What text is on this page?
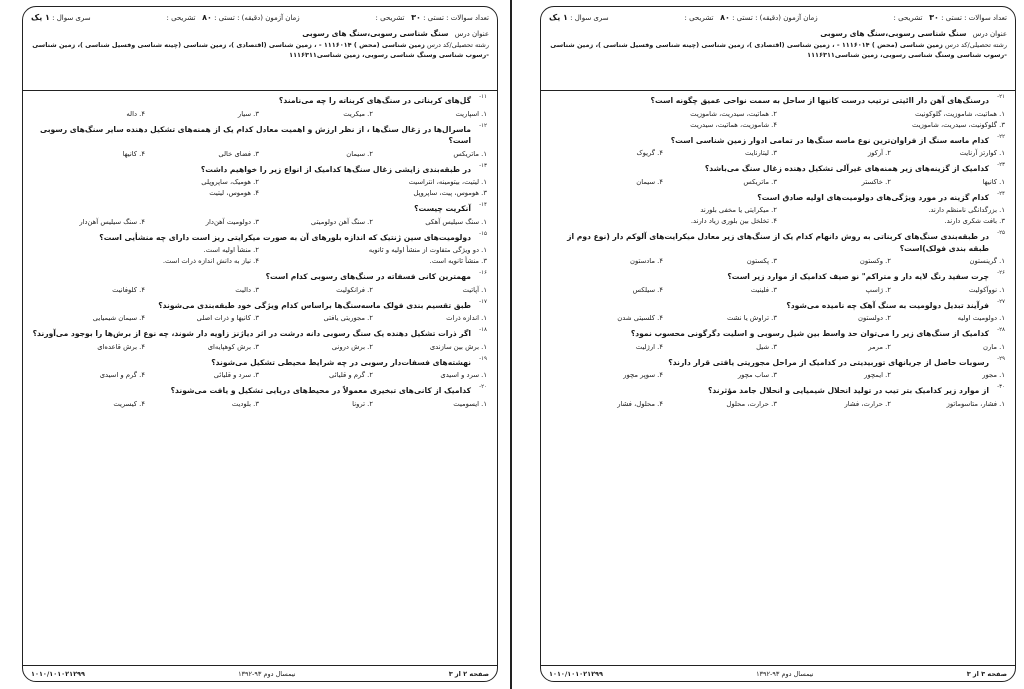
تعداد سوالات : تستی : ۳۰   تشریحی :
زمان آزمون (دقیقه) : تستی : ۸۰   تشریحی :
سری سوال : ۱ یک
عنوان درس سنگ شناسی رسوبی،سنگ های رسوبی
رشته تحصیلی/کد درس زمین شناسی (محض ) ۱۱۱۶۰۱۴ - ، زمین شناسی (اقتصادی )، زمین شناسی (چینه شناسی وفسیل شناسی )، زمین شناسی -رسوب شناسی وسنگ شناسی رسوبی، زمین شناسی۱۱۱۶۳۱۱
۱۱-
گل‌های کربناتی در سنگ‌های کربناته را چه می‌نامند؟
۱. اسپاریت
۲. میکریت
۳. سیار
۴. داله
۱۲-
ماسرال‌ها در زغال سنگ‌ها ، از نظر ارزش و اهمیت معادل کدام یک از همنه‌های تشکیل دهنده سایر سنگ‌های رسوبی است؟
۱. ماتریکس
۲. سیمان
۳. فضای خالی
۴. کانیها
۱۳-
در طبقه‌بندی زایشی زغال سنگ‌ها کدامیک از انواع زیر را خواهیم داشت؟
۱. لیتیت، بیتومینه، انتراسیت
۲. هومیک، ساپروپلی
۳. هوموس، پیت، ساپروپل
۴. هوموس، لیتیت
۱۴-
آنکریت چیست؟
۱. سنگ سیلیس آهکی
۲. سنگ آهن دولومیتی
۳. دولومیت آهن‌دار
۴. سنگ سیلیس آهن‌دار
۱۵-
دولومیت‌های سین ژنتیک که اندازه بلورهای آن به صورت میکرایتی ریز است دارای چه منشأیی است؟
۱. دو ویژگی متفاوت از منشأ اولیه و ثانویه
۲. منشأ اولیه است.
۳. منشأ ثانویه است.
۴. نیاز به دانش اندازه ذرات است.
۱۶-
مهمترین کانی فسفاته در سنگ‌های رسوبی کدام است؟
۱. آپاتیت
۲. فرانکولیت
۳. دالیت
۴. کلوفانیت
۱۷-
طبق تقسیم بندی فولک ماسه‌سنگ‌ها براساس کدام ویژگی خود طبقه‌بندی می‌شوند؟
۱. اندازه ذرات
۲. مجوریتی یافتی
۳. کانیها و ذرات اصلی
۴. سیمان شیمیایی
۱۸-
اگر ذرات تشکیل دهنده یک سنگ رسوبی دانه درشت در اثر دیاژنز زاویه دار شوند، چه نوع از برش‌ها را بوجود می‌آورند؟
۱. برش بین سازندی
۲. برش درونی
۳. برش کوهپایه‌ای
۴. برش قاعده‌ای
۱۹-
نهشته‌های فسفات‌دار رسوبی در چه شرایط محیطی تشکیل می‌شوند؟
۱. سرد و اسیدی
۲. گرم و قلیائی
۳. سرد و قلیائی
۴. گرم و اسیدی
۲۰-
کدامیک از کانی‌های تبخیری معمولاً در محیط‌های دریایی تشکیل و یافت می‌شوند؟
۱. ایسومیت
۲. ترونا
۳. بلودیت
۴. کیسریت
صفحه ۲ از ۳
نیمسال دوم ۹۳-۱۳۹۲
۱۰۱۰/۱۰۱۰۲۱۲۹۹
تعداد سوالات : تستی : ۳۰   تشریحی :
زمان آزمون (دقیقه) : تستی : ۸۰   تشریحی :
سری سوال : ۱ یک
عنوان درس سنگ شناسی رسوبی،سنگ های رسوبی
رشته تحصیلی/کد درس زمین شناسی (محض ) ۱۱۱۶۰۱۴ - ، زمین شناسی (اقتصادی )، زمین شناسی (چینه شناسی وفسیل شناسی )، زمین شناسی -رسوب شناسی وسنگ شناسی رسوبی، زمین شناسی۱۱۱۶۳۱۱
۲۱-
درسنگ‌های آهن دار اائیتی ترتیب درست کانیها از ساحل به سمت نواحی عمیق چگونه است؟
۱. هماتیت، شاموزیت، گلوکونیت
۲. هماتیت، سیدریت، شاموزیت
۳. گلوکونیت، سیدریت، شاموزیت
۴. شاموزیت، هماتیت، سیدریت
۲۲-
کدام ماسه سنگ از فراوان‌ترین نوع ماسه سنگ‌ها در تمامی ادوار زمین شناسی است؟
۱. کوارتز آرنایت
۲. آرکوز
۳. لیتارنایت
۴. گریوک
۲۳-
کدامیک از گزینه‌های زیر همنه‌های غیرآلی تشکیل دهنده زغال سنگ می‌باشد؟
۱. کانیها
۲. خاکستر
۳. ماتریکس
۴. سیمان
۲۴-
کدام گزینه در مورد ویژگی‌های دولومیت‌های اولیه صادق است؟
۱. بزرگدانگی نامنظم دارند.
۲. میکرایتی یا مخفی بلورند
۳. بافت شکری دارند.
۴. تخلخل بین بلوری زیاد دارند.
۲۵-
در طبقه‌بندی سنگ‌های کربناتی به روش دانهام کدام یک از سنگ‌های زیر معادل میکرایت‌های آلوکم دار (نوع دوم از طبقه بندی فولک)است؟
۱. گرینستون
۲. وکستون
۳. پکستون
۴. مادستون
۲۶-
چرت سفید رنگ لایه دار و متراکم" نو صیف کدامیک از موارد زیر است؟
۱. نووآکولیت
۲. ژاسپ
۳. فلینیت
۴. سیلکس
۲۷-
فرآیند تبدیل دولومیت به سنگ آهک چه نامیده می‌شود؟
۱. دولومیت اولیه
۲. دولستون
۳. تراوش یا نشت
۴. کلسیتی شدن
۲۸-
کدامیک از سنگ‌های زیر را می‌توان حد واسط بین شیل رسوبی و اسلیت دگرگونی محسوب نمود؟
۱. مارن
۲. مرمر
۳. شیل
۴. ارژلیت
۲۹-
رسوبات حاصل از جریانهای توربیدیتی در کدامیک از مراحل مجوریتی یافتی قرار دارند؟
۱. مجور
۲. ایمچور
۳. ساب مچور
۴. سوپر مچور
۳۰-
از موارد زیر کدامیک بتر تیب در تولید انحلال شیمیایی و انحلال جامد مؤثرند؟
۱. فشار، متاسوماتوز
۲. حرارت، فشار
۳. حرارت، محلول
۴. محلول، فشار
صفحه ۳ از ۳
نیمسال دوم ۹۳-۱۳۹۲
۱۰۱۰/۱۰۱۰۲۱۲۹۹
